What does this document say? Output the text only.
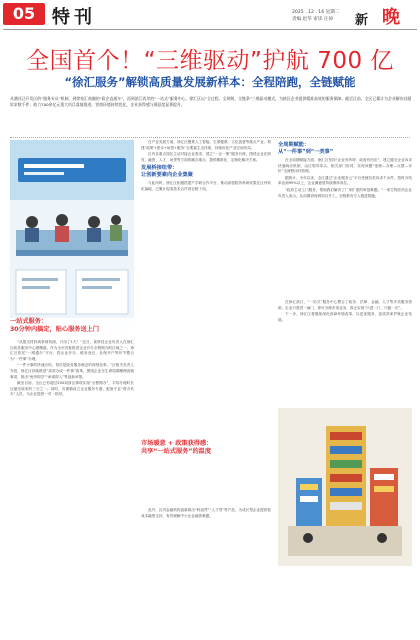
05 特刊	2025 . 12 . 16 星期二
责编 赵华 审读 汪倬 新 晚
全国首个！“三维驱动”护航 700 亿
“徐汇服务”解锁高质量发展新样本：全程陪跑，全链赋能
从漕河泾开发区的“服务专员”机制，到徐家汇商圈的“政企直通车”，再到滨江西岸的“一站式”服务中心，徐汇区以“全过程、全周期、全链条”三维驱动模式，为辖区企业提供精准高效的服务保障。截至目前，全区已累计为企业解决问题诉求数千件，助力700余亿元重大项目落地推进，营商环境持续优化，企业获得感与满意度显著提升。
一站式服务：
30分钟内搞定，贴心服务送上门

“从提交材料到拿到执照，只用了1天！”近日，某科技企业负责人在徐汇区政务服务中心感慨道。作为全市首批推进企业开办全程网办的区域之一，徐汇区依托“一网通办”平台，将企业开办、税务登记、社保开户等环节整合为“一件事”办理。

“一件小事的快速办结，背后是政务服务理念的深刻变革。”区相关负责人介绍，徐汇区持续推进“高效办成一件事”改革，围绕企业全生命周期梳理高频事项，推出“免申即享”“承诺即入”等创新举措。

截至目前，全区已有超过200项涉企事项实现“全程网办”，平均办理时长压缩至原来的三分之一。同时，各街镇设立企业服务专窗，配备专业“帮办代办”人员，为企业提供一对一指导。

在产业发展方面，徐汇区聚焦人工智能、生命健康、文化创意等重点产业，构建“政策+资本+场景+服务”全要素生态体系，持续优化产业空间布局。

区内各重点园区主动对接企业需求，建立“一企一策”服务台账，围绕企业在研发、融资、人才、场景等方面的痛点难点，提供精准化、定制化解决方案。

发展桥接纽带：
让创新要素向企业集聚

与此同时，徐汇区积极搭建产学研合作平台，推动高校院所科研成果在区内转化落地，已累计促成技术合作项目数十项。

此外，区内金融机构创新推出“科创贷”“人才贷”等产品，为成长型企业提供低成本融资支持，有效缓解中小企业融资难题。

全周期赋能：
从“一件事”到“一类事”

在全周期赋能方面，徐汇区坚持“企业有所呼、政府有所应”，建立健全企业诉求快速响应机制，由区领导牵头、相关部门协同，实现问题“受理—办理—反馈—评价”全流程闭环管理。

据统计，今年以来，全区通过“企业服务云”平台受理各类诉求千余件，按时办结率达到99%以上，企业满意度持续保持高位。

“政府主动上门服务，帮助我们解决了厂房扩建的审批难题。”一家生物医药企业负责人表示，从前期咨询到项目开工，全程都有专人跟进陪跑。

在徐汇滨江，“一站式”服务中心整合了政务、法律、金融、人才等多类服务资源，企业只需进一扇门，即可办理多项业务，真正实现“只进一门、只跑一次”。

下一步，徐汇区将继续深化营商环境改革，以更优服务、更高效率护航企业发展。

市场暖意 + 政策获得感：
共享“一站式服务”的温度
